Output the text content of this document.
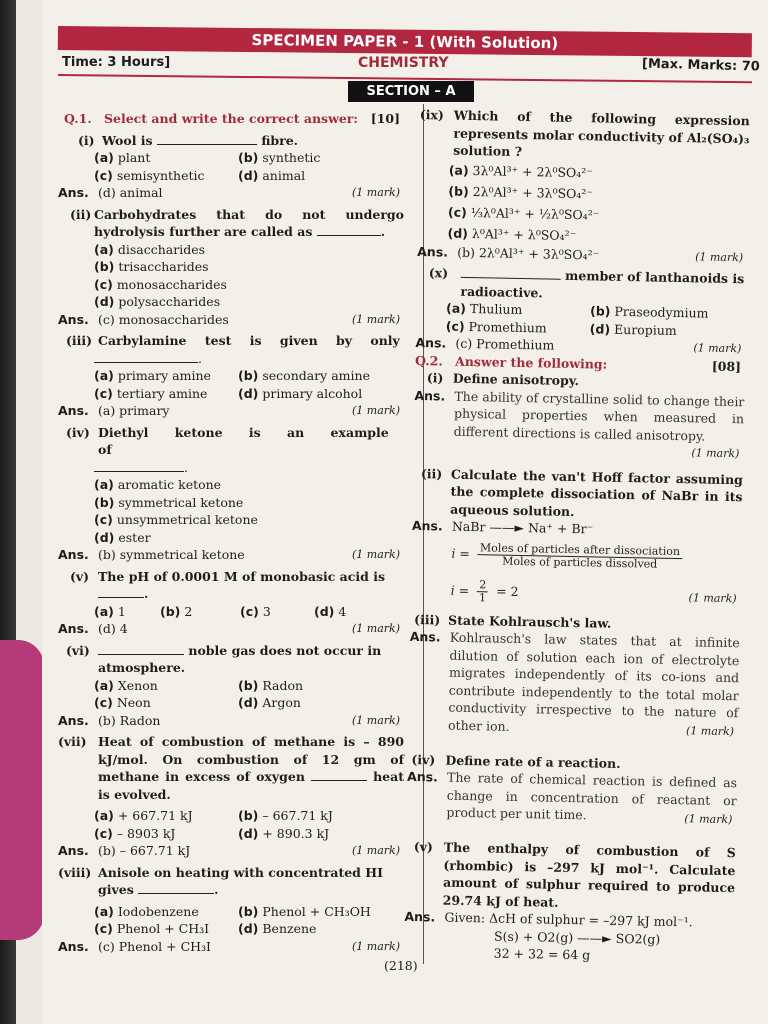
SPECIMEN PAPER - 1 (With Solution)
Time: 3 Hours]	CHEMISTRY	[Max. Marks: 70
SECTION – A
Q.1. Select and write the correct answer: [10]
(i) Wool is	fibre.
(a) plant	(b) synthetic
(c) semisynthetic	(d) animal
Ans. (d) animal	(1 mark)
(ii) Carbohydrates that do not undergo hydrolysis further are called as	.
(a) disaccharides
(b) trisaccharides
(c) monosaccharides
(d) polysaccharides
Ans. (c) monosaccharides	(1 mark)
(iii) Carbylamine test is given by only
.
(a) primary amine	(b) secondary amine
(c) tertiary amine	(d) primary alcohol
Ans. (a) primary	(1 mark)
(iv) Diethyl ketone is an example of
.
(a) aromatic ketone
(b) symmetrical ketone
(c) unsymmetrical ketone
(d) ester
Ans. (b) symmetrical ketone	(1 mark)
(v) The pH of 0.0001 M of monobasic acid is .
(a) 1	(b) 2	(c) 3	(d) 4
Ans. (d) 4	(1 mark)
(vi)	noble gas does not occur in atmosphere.
(a) Xenon	(b) Radon
(c) Neon	(d) Argon
Ans. (b) Radon	(1 mark)
(vii) Heat of combustion of methane is – 890 kJ/mol. On combustion of 12 gm of methane in excess of oxygen	heat is evolved.
(a) + 667.71 kJ	(b) – 667.71 kJ
(c) – 8903 kJ	(d) + 890.3 kJ
Ans. (b) – 667.71 kJ	(1 mark)
(viii) Anisole on heating with concentrated HI gives	.
(a) Iodobenzene	(b) Phenol + CH₃OH
(c) Phenol + CH₃I	(d) Benzene
Ans. (c) Phenol + CH₃I	(1 mark)
(ix) Which of the following expression represents molar conductivity of Al₂(SO₄)₃ solution ?
(a) 3λ⁰Al³⁺ + 2λ⁰SO₄²⁻
(b) 2λ⁰Al³⁺ + 3λ⁰SO₄²⁻
(c) ⅓λ⁰Al³⁺ + ½λ⁰SO₄²⁻
(d) λ⁰Al³⁺ + λ⁰SO₄²⁻
Ans. (b) 2λ⁰Al³⁺ + 3λ⁰SO₄²⁻	(1 mark)
(x)	member of lanthanoids is radioactive.
(a) Thulium	(b) Praseodymium
(c) Promethium	(d) Europium
Ans. (c) Promethium	(1 mark)
Q.2. Answer the following:	[08]
(i) Define anisotropy.
Ans. The ability of crystalline solid to change their physical properties when measured in different directions is called anisotropy.
(1 mark)
(ii) Calculate the van't Hoff factor assuming the complete dissociation of NaBr in its aqueous solution.
Ans. NaBr ——► Na⁺ + Br⁻
$i = \frac{\text{Moles of particles after dissociation}}{\text{Moles of particles dissolved}}$
$i = \frac{2}{1} = 2$	(1 mark)
(iii) State Kohlrausch's law.
Ans. Kohlrausch's law states that at infinite dilution of solution each ion of electrolyte migrates independently of its co-ions and contribute independently to the total molar conductivity irrespective to the nature of other ion.	(1 mark)
(iv) Define rate of a reaction.
Ans. The rate of chemical reaction is defined as change in concentration of reactant or product per unit time.	(1 mark)
(v) The enthalpy of combustion of S (rhombic) is –297 kJ mol⁻¹. Calculate amount of sulphur required to produce 29.74 kJ of heat.
Ans. Given: ΔcH of sulphur = –297 kJ mol⁻¹.
S(s) + O2(g) ——► SO2(g)
32 + 32 = 64 g
(218)
